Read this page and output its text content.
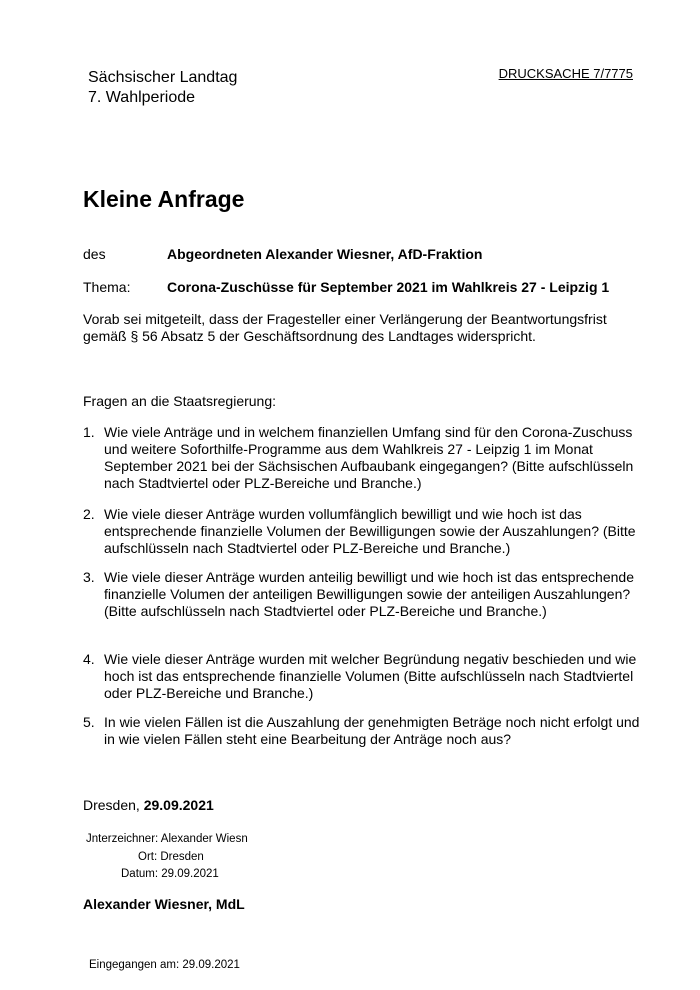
Sächsischer Landtag
7. Wahlperiode
DRUCKSACHE 7/7775
Kleine Anfrage
des	Abgeordneten Alexander Wiesner, AfD-Fraktion
Thema:	Corona-Zuschüsse für September 2021 im Wahlkreis 27 - Leipzig 1
Vorab sei mitgeteilt, dass der Fragesteller einer Verlängerung der Beantwortungsfrist gemäß § 56 Absatz 5 der Geschäftsordnung des Landtages widerspricht.
Fragen an die Staatsregierung:
1. Wie viele Anträge und in welchem finanziellen Umfang sind für den Corona-Zuschuss und weitere Soforthilfe-Programme aus dem Wahlkreis 27 - Leipzig 1 im Monat September 2021 bei der Sächsischen Aufbaubank eingegangen? (Bitte aufschlüsseln nach Stadtviertel oder PLZ-Bereiche und Branche.)
2. Wie viele dieser Anträge wurden vollumfänglich bewilligt und wie hoch ist das entsprechende finanzielle Volumen der Bewilligungen sowie der Auszahlungen? (Bitte aufschlüsseln nach Stadtviertel oder PLZ-Bereiche und Branche.)
3. Wie viele dieser Anträge wurden anteilig bewilligt und wie hoch ist das entsprechende finanzielle Volumen der anteiligen Bewilligungen sowie der anteiligen Auszahlungen? (Bitte aufschlüsseln nach Stadtviertel oder PLZ-Bereiche und Branche.)
4. Wie viele dieser Anträge wurden mit welcher Begründung negativ beschieden und wie hoch ist das entsprechende finanzielle Volumen (Bitte aufschlüsseln nach Stadtviertel oder PLZ-Bereiche und Branche.)
5. In wie vielen Fällen ist die Auszahlung der genehmigten Beträge noch nicht erfolgt und in wie vielen Fällen steht eine Bearbeitung der Anträge noch aus?
Dresden, 29.09.2021
Jnterzeichner: Alexander Wiesn
Ort: Dresden
Datum: 29.09.2021
Alexander Wiesner, MdL
Eingegangen am: 29.09.2021
